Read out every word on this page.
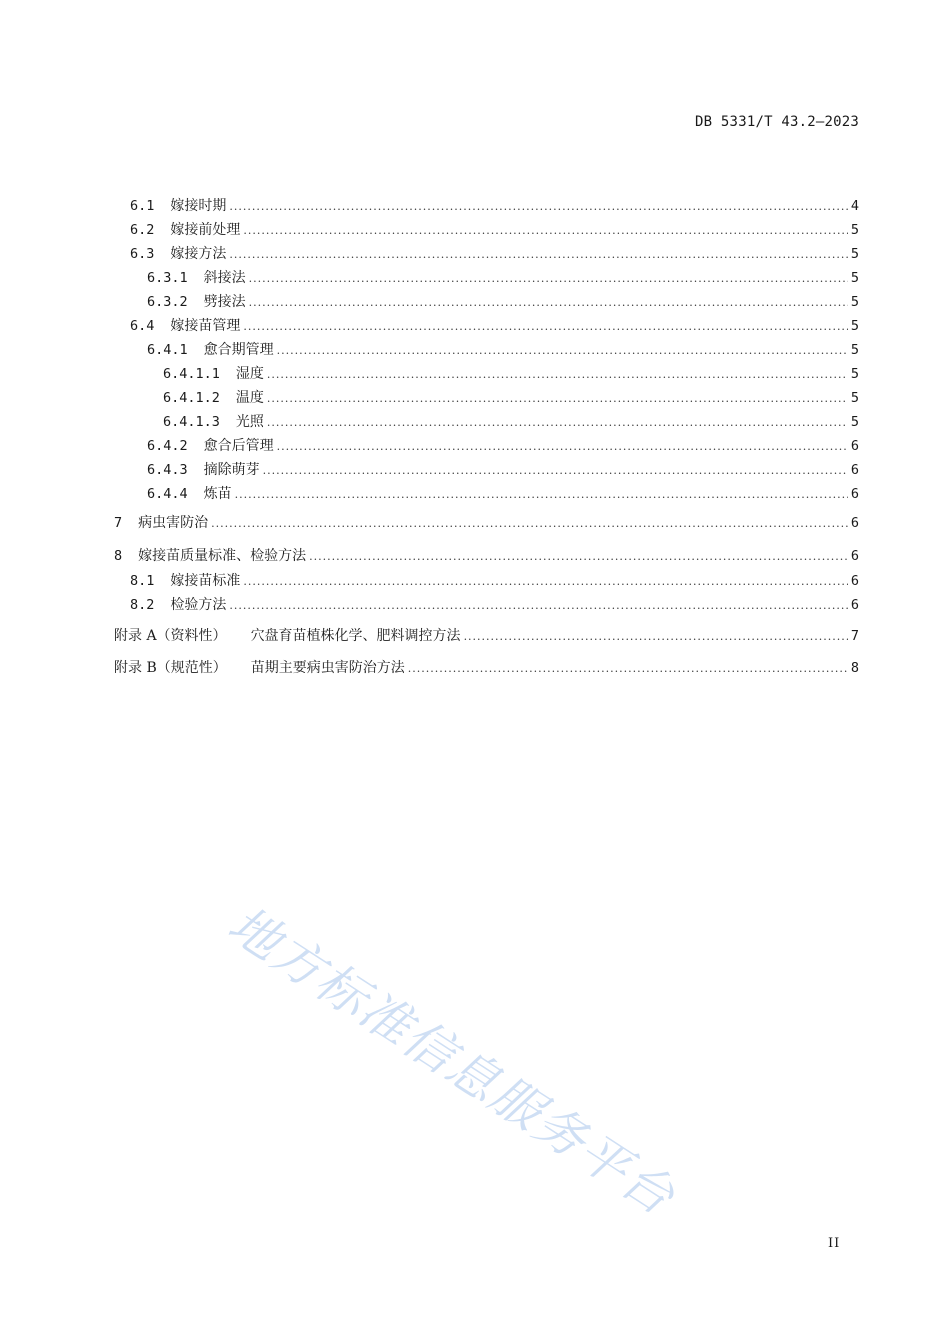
DB 5331/T 43.2—2023
6.1 嫁接时期 .....	4
6.2 嫁接前处理 .....	5
6.3 嫁接方法 .....	5
6.3.1 斜接法 .....	5
6.3.2 劈接法 .....	5
6.4 嫁接苗管理 .....	5
6.4.1 愈合期管理 .....	5
6.4.1.1 湿度 .....	5
6.4.1.2 温度 .....	5
6.4.1.3 光照 .....	5
6.4.2 愈合后管理 .....	6
6.4.3 摘除萌芽 .....	6
6.4.4 炼苗 .....	6
7 病虫害防治 .....	6
8 嫁接苗质量标准、检验方法 .....	6
8.1 嫁接苗标准 .....	6
8.2 检验方法 .....	6
附录 A（资料性） 穴盘育苗植株化学、肥料调控方法 .....	7
附录 B（规范性） 苗期主要病虫害防治方法 .....	8
地方标准信息服务平台
II
